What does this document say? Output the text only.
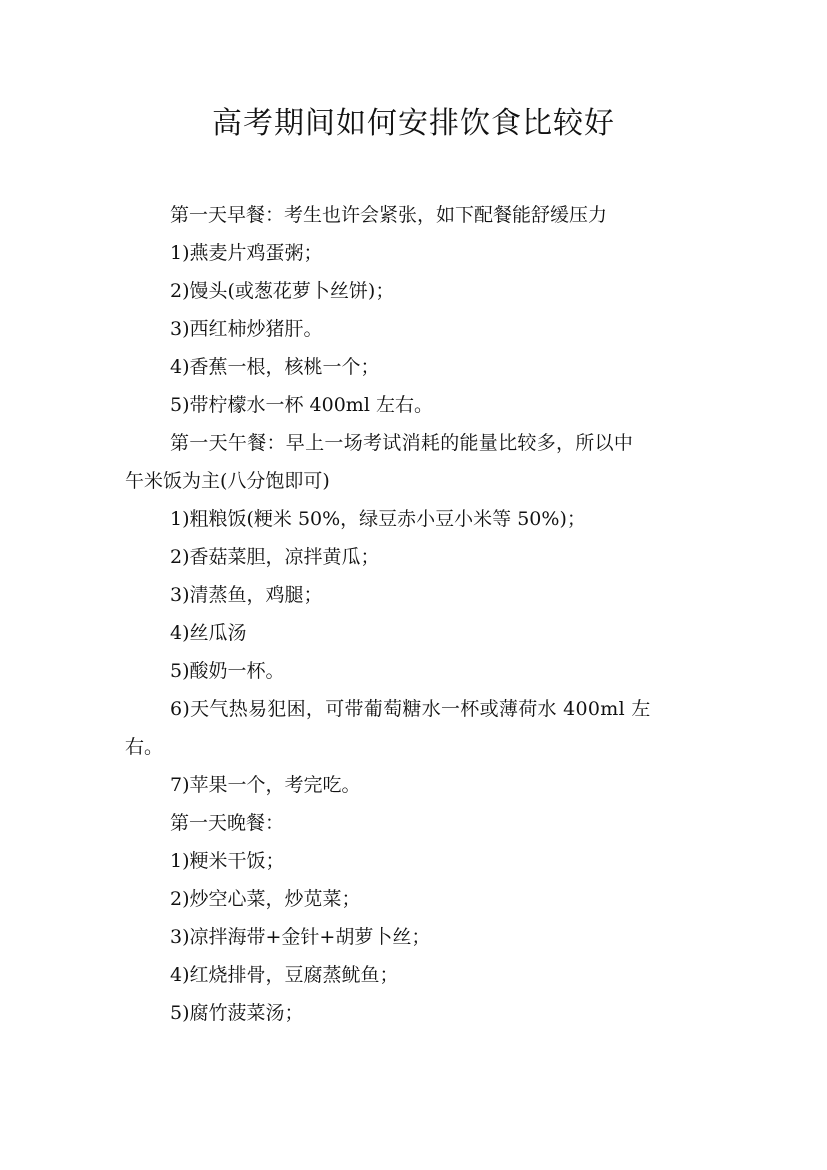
高考期间如何安排饮食比较好

第一天早餐：考生也许会紧张，如下配餐能舒缓压力

1)燕麦片鸡蛋粥；

2)馒头(或葱花萝卜丝饼)；

3)西红柿炒猪肝。

4)香蕉一根，核桃一个；

5)带柠檬水一杯 400ml 左右。

第一天午餐：早上一场考试消耗的能量比较多，所以中

午米饭为主(八分饱即可)

1)粗粮饭(粳米 50%，绿豆赤小豆小米等 50%)；

2)香菇菜胆，凉拌黄瓜；

3)清蒸鱼，鸡腿；

4)丝瓜汤

5)酸奶一杯。

6)天气热易犯困，可带葡萄糖水一杯或薄荷水 400ml 左

右。

7)苹果一个，考完吃。

第一天晚餐：

1)粳米干饭；

2)炒空心菜，炒苋菜；

3)凉拌海带+金针+胡萝卜丝；

4)红烧排骨，豆腐蒸鱿鱼；

5)腐竹菠菜汤；
